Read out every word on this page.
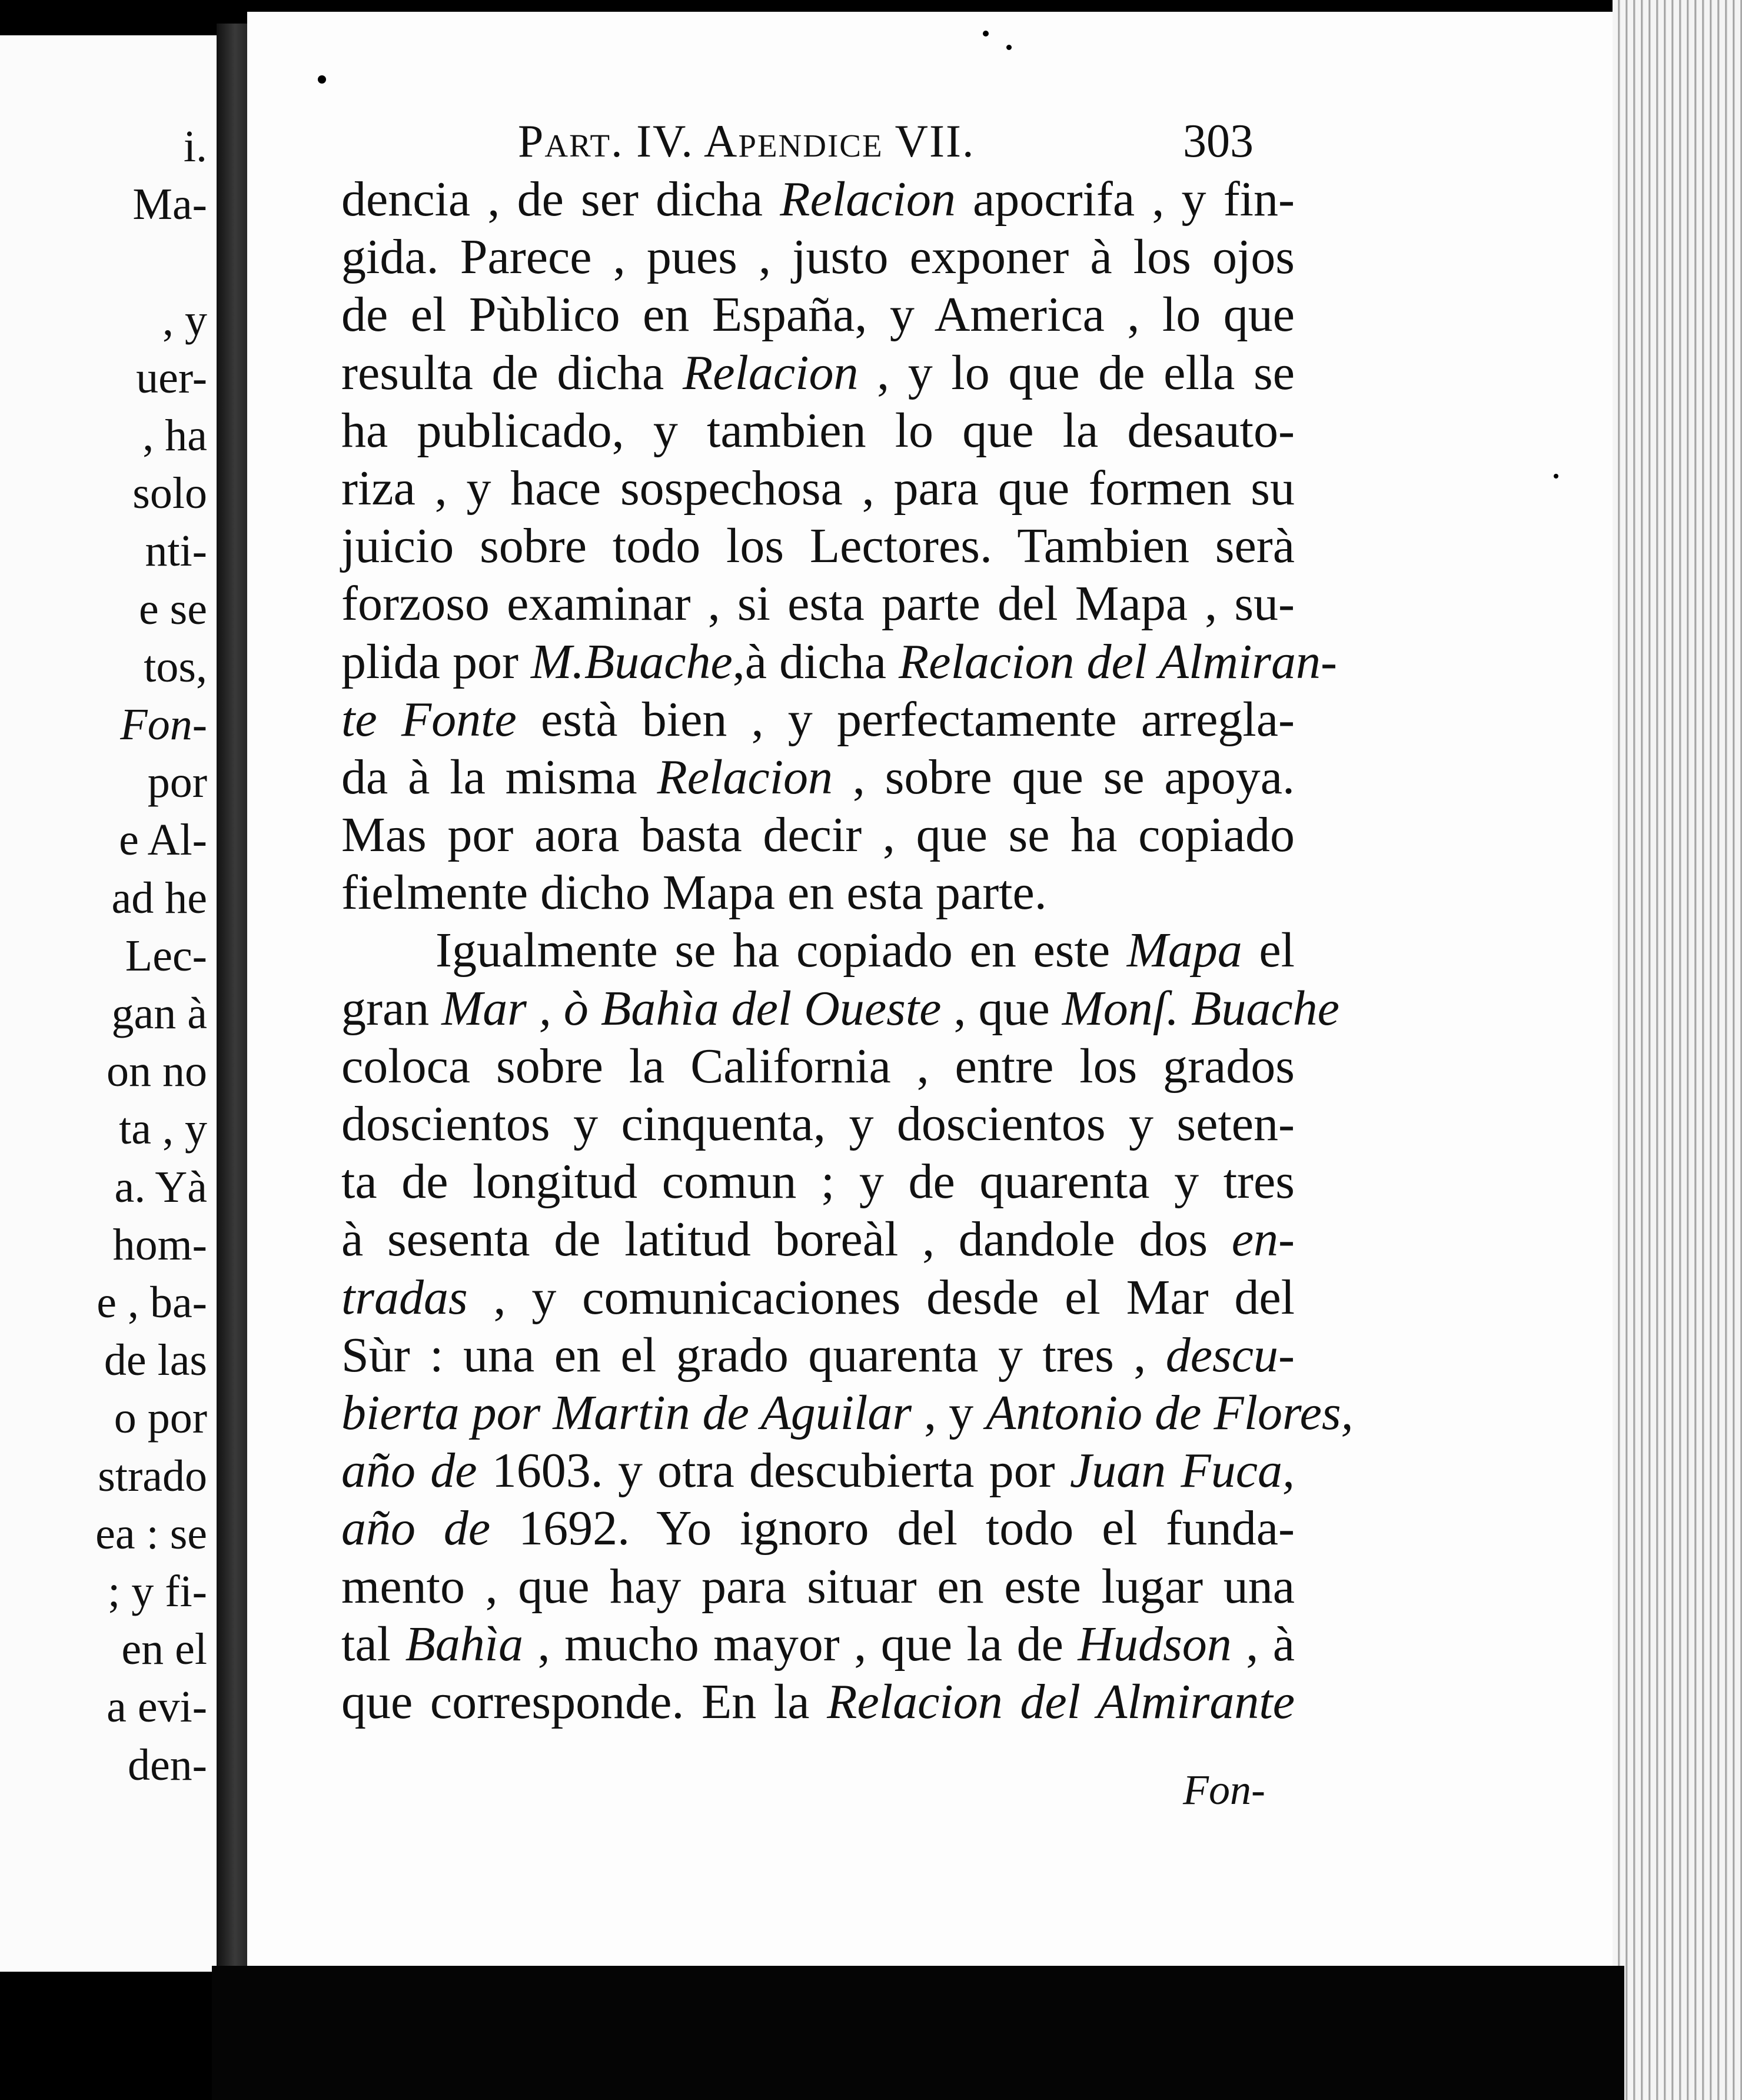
i.
Ma-
, y
uer-
, ha
solo
nti-
e se
tos,
Fon-
por
e Al-
ad he
Lec-
gan à
on no
ta , y
a. Yà
hom-
e , ba-
de las
o por
strado
ea : se
; y fi-
en el
a evi-
den-
Part. IV. Apendice VII.	303
dencia , de ser dicha Relacion apocrifa , y fin-
gida. Parece , pues , justo exponer à los ojos
de el Pùblico en España, y America , lo que
resulta de dicha Relacion , y lo que de ella se
ha publicado, y tambien lo que la desauto-
riza , y hace sospechosa , para que formen su
juicio sobre todo los Lectores. Tambien serà
forzoso examinar , si esta parte del Mapa , su-
plida por M.Buache,à dicha Relacion del Almiran-
te Fonte està bien , y perfectamente arregla-
da à la misma Relacion , sobre que se apoya.
Mas por aora basta decir , que se ha copiado
fielmente dicho Mapa en esta parte.
Igualmente se ha copiado en este Mapa el
gran Mar , ò Bahìa del Oueste , que Monſ. Buache
coloca sobre la California , entre los grados
doscientos y cinquenta, y doscientos y seten-
ta de longitud comun ; y de quarenta y tres
à sesenta de latitud boreàl , dandole dos en-
tradas , y comunicaciones desde el Mar del
Sùr : una en el grado quarenta y tres , descu-
bierta por Martin de Aguilar , y Antonio de Flores,
año de 1603. y otra descubierta por Juan Fuca,
año de 1692. Yo ignoro del todo el funda-
mento , que hay para situar en este lugar una
tal Bahìa , mucho mayor , que la de Hudson , à
que corresponde. En la Relacion del Almirante
Fon-
